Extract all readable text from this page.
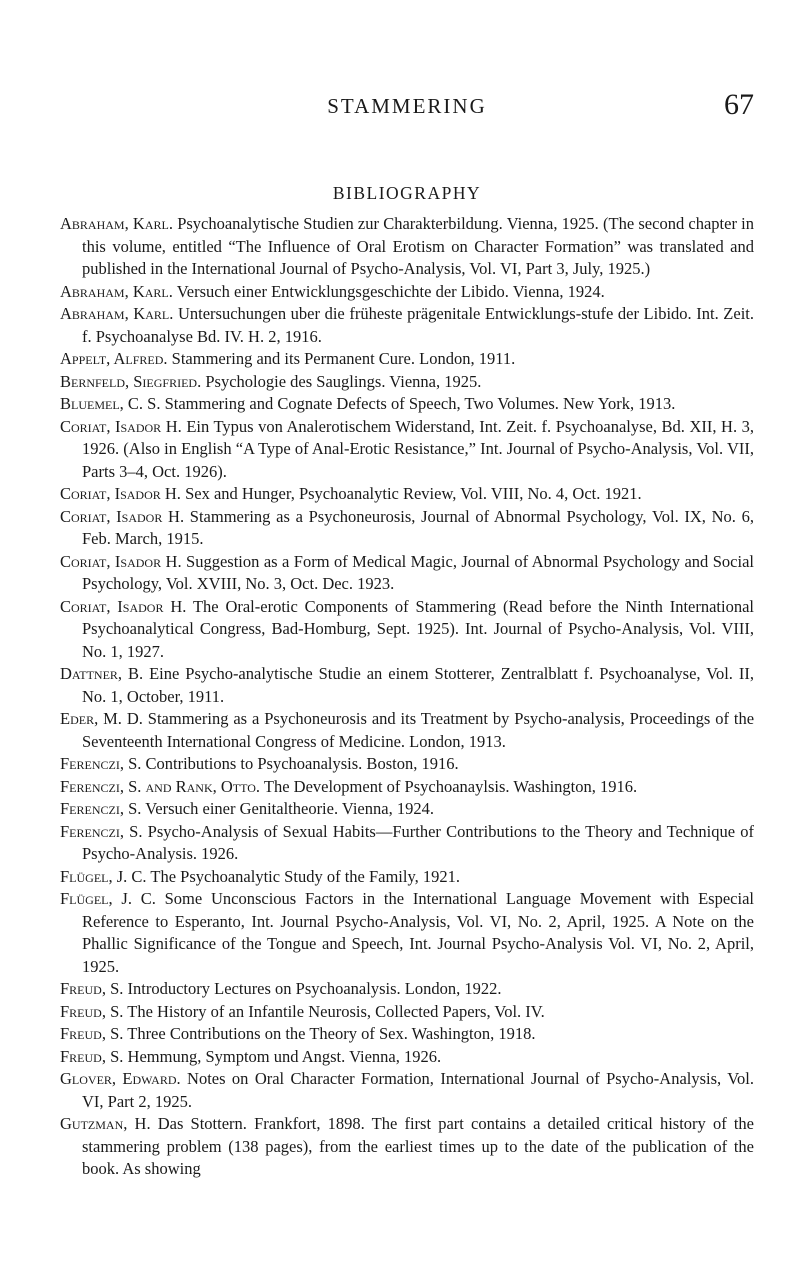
STAMMERING	67
BIBLIOGRAPHY

Abraham, Karl. Psychoanalytische Studien zur Charakterbildung. Vienna, 1925. (The second chapter in this volume, entitled “The Influence of Oral Erotism on Character Formation” was translated and published in the International Journal of Psycho-Analysis, Vol. VI, Part 3, July, 1925.)

Abraham, Karl. Versuch einer Entwicklungsgeschichte der Libido. Vienna, 1924.

Abraham, Karl. Untersuchungen uber die früheste prägenitale Entwicklungs-stufe der Libido. Int. Zeit. f. Psychoanalyse Bd. IV. H. 2, 1916.

Appelt, Alfred. Stammering and its Permanent Cure. London, 1911.

Bernfeld, Siegfried. Psychologie des Sauglings. Vienna, 1925.

Bluemel, C. S. Stammering and Cognate Defects of Speech, Two Volumes. New York, 1913.

Coriat, Isador H. Ein Typus von Analerotischem Widerstand, Int. Zeit. f. Psychoanalyse, Bd. XII, H. 3, 1926. (Also in English “A Type of Anal-Erotic Resistance,” Int. Journal of Psycho-Analysis, Vol. VII, Parts 3–4, Oct. 1926).

Coriat, Isador H. Sex and Hunger, Psychoanalytic Review, Vol. VIII, No. 4, Oct. 1921.

Coriat, Isador H. Stammering as a Psychoneurosis, Journal of Abnormal Psychology, Vol. IX, No. 6, Feb. March, 1915.

Coriat, Isador H. Suggestion as a Form of Medical Magic, Journal of Abnormal Psychology and Social Psychology, Vol. XVIII, No. 3, Oct. Dec. 1923.

Coriat, Isador H. The Oral-erotic Components of Stammering (Read before the Ninth International Psychoanalytical Congress, Bad-Homburg, Sept. 1925). Int. Journal of Psycho-Analysis, Vol. VIII, No. 1, 1927.

Dattner, B. Eine Psycho-analytische Studie an einem Stotterer, Zentralblatt f. Psychoanalyse, Vol. II, No. 1, October, 1911.

Eder, M. D. Stammering as a Psychoneurosis and its Treatment by Psycho-analysis, Proceedings of the Seventeenth International Congress of Medicine. London, 1913.

Ferenczi, S. Contributions to Psychoanalysis. Boston, 1916.

Ferenczi, S. and Rank, Otto. The Development of Psychoanaylsis. Washington, 1916.

Ferenczi, S. Versuch einer Genitaltheorie. Vienna, 1924.

Ferenczi, S. Psycho-Analysis of Sexual Habits—Further Contributions to the Theory and Technique of Psycho-Analysis. 1926.

Flügel, J. C. The Psychoanalytic Study of the Family, 1921.

Flügel, J. C. Some Unconscious Factors in the International Language Movement with Especial Reference to Esperanto, Int. Journal Psycho-Analysis, Vol. VI, No. 2, April, 1925. A Note on the Phallic Significance of the Tongue and Speech, Int. Journal Psycho-Analysis Vol. VI, No. 2, April, 1925.

Freud, S. Introductory Lectures on Psychoanalysis. London, 1922.

Freud, S. The History of an Infantile Neurosis, Collected Papers, Vol. IV.

Freud, S. Three Contributions on the Theory of Sex. Washington, 1918.

Freud, S. Hemmung, Symptom und Angst. Vienna, 1926.

Glover, Edward. Notes on Oral Character Formation, International Journal of Psycho-Analysis, Vol. VI, Part 2, 1925.

Gutzman, H. Das Stottern. Frankfort, 1898. The first part contains a detailed critical history of the stammering problem (138 pages), from the earliest times up to the date of the publication of the book. As showing
